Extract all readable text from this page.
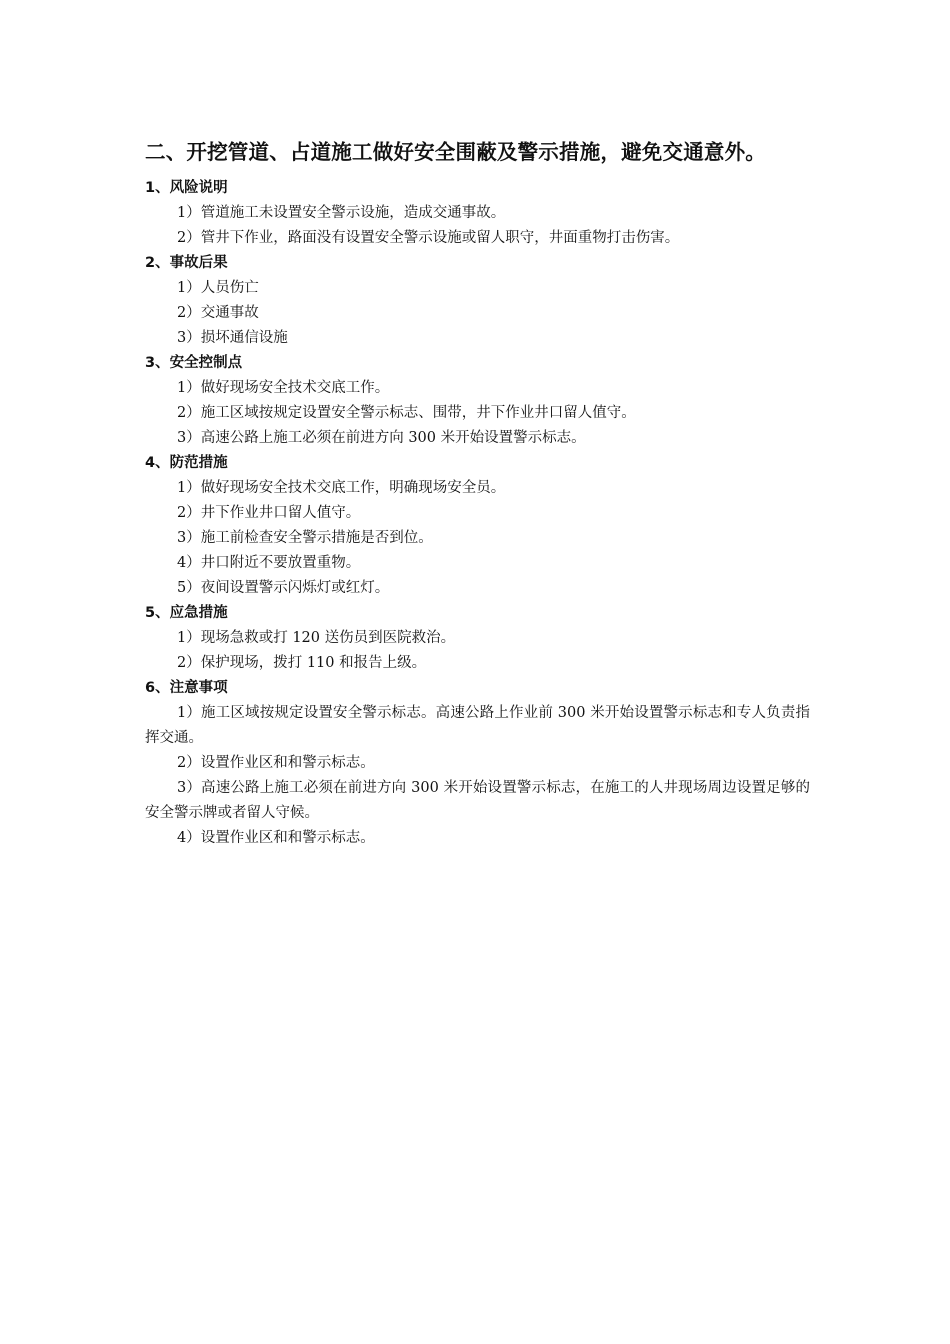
二、开挖管道、占道施工做好安全围蔽及警示措施，避免交通意外。
1、风险说明

1）管道施工未设置安全警示设施，造成交通事故。

2）管井下作业，路面没有设置安全警示设施或留人职守，井面重物打击伤害。

2、事故后果

1）人员伤亡

2）交通事故

3）损坏通信设施

3、安全控制点

1）做好现场安全技术交底工作。

2）施工区域按规定设置安全警示标志、围带，井下作业井口留人值守。

3）高速公路上施工必须在前进方向 300 米开始设置警示标志。

4、防范措施

1）做好现场安全技术交底工作，明确现场安全员。

2）井下作业井口留人值守。

3）施工前检查安全警示措施是否到位。

4）井口附近不要放置重物。

5）夜间设置警示闪烁灯或红灯。

5、应急措施

1）现场急救或打 120 送伤员到医院救治。

2）保护现场，拨打 110 和报告上级。

6、注意事项

1）施工区域按规定设置安全警示标志。高速公路上作业前 300 米开始设置警示标志和专人负责指挥交通。

2）设置作业区和和警示标志。

3）高速公路上施工必须在前进方向 300 米开始设置警示标志，在施工的人井现场周边设置足够的安全警示牌或者留人守候。

4）设置作业区和和警示标志。
